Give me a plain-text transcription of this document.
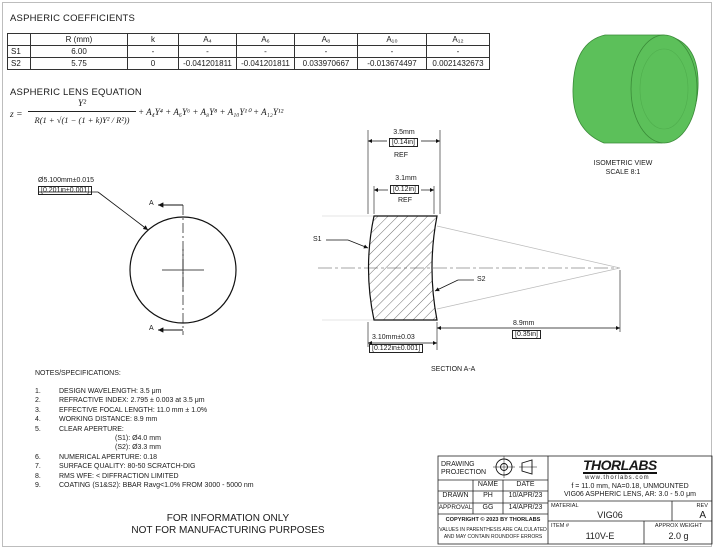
ASPHERIC COEFFICIENTS
	R (mm)	k	A₄	A₆	A₈	A₁₀	A₁₂
S1	6.00	-	-	-	-	-	-
S2	5.75	0	-0.041201811	-0.041201811	0.033970667	-0.013674497	0.0021432673
ASPHERIC LENS EQUATION
z =
Y²
R(1 + √(1 − (1 + k)Y² / R²))
+ A₄Y⁴ + A₆Y⁶ + A₈Y⁸ + A₁₀Y¹⁰ + A₁₂Y¹²
Ø5.100mm±0.015
[0.201in±0.001]
A
A
3.5mm
[0.14in]
REF
3.1mm
[0.12in]
REF
S1
S2
8.9mm
[0.35in]
3.10mm±0.03
[0.122in±0.001]
SECTION A-A
ISOMETRIC VIEW
SCALE 8:1
NOTES/SPECIFICATIONS:
1.	DESIGN WAVELENGTH: 3.5 μm
2.	REFRACTIVE INDEX: 2.795 ± 0.003 at 3.5 μm
3.	EFFECTIVE FOCAL LENGTH: 11.0 mm ± 1.0%
4.	WORKING DISTANCE: 8.9 mm
5.	CLEAR APERTURE:
(S1): Ø4.0 mm
(S2): Ø3.3 mm
6.	NUMERICAL APERTURE: 0.18
7.	SURFACE QUALITY: 80-50 SCRATCH-DIG
8.	RMS WFE: < DIFFRACTION LIMITED
9.	COATING (S1&S2): BBAR Ravg<1.0% FROM 3000 - 5000 nm
FOR INFORMATION ONLY
NOT FOR MANUFACTURING PURPOSES
DRAWING
PROJECTION
NAME	DATE
DRAWN	PH	10/APR/23
APPROVAL	GG	14/APR/23
COPYRIGHT © 2023 BY THORLABS
VALUES IN PARENTHESIS ARE CALCULATED
AND MAY CONTAIN ROUNDOFF ERRORS
THORLABS
www.thorlabs.com
f = 11.0 mm, NA=0.18, UNMOUNTED
VIG06 ASPHERIC LENS, AR: 3.0 - 5.0 μm
MATERIAL
VIG06
REV
A
ITEM #
110V-E
APPROX WEIGHT
2.0 g
